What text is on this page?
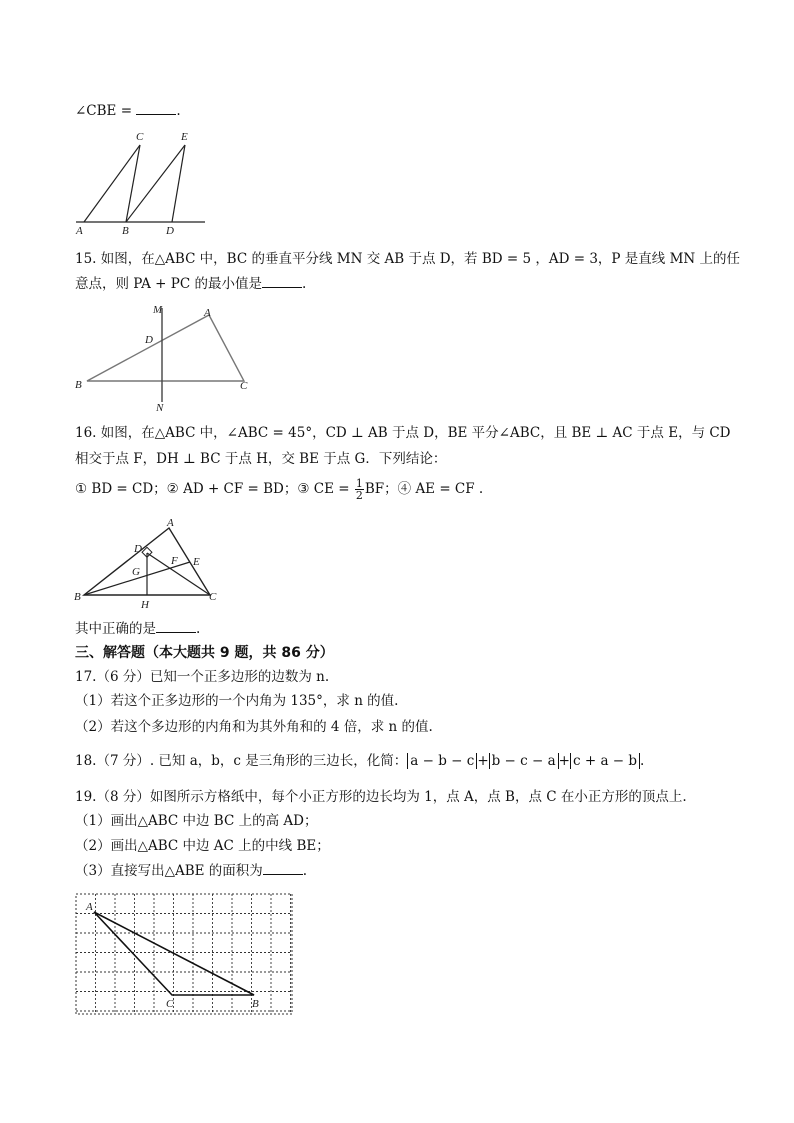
∠CBE =	.
C	E
A	B	D
15. 如图，在△ABC 中，BC 的垂直平分线 MN 交 AB 于点 D，若 BD = 5 ，AD = 3，P 是直线 MN 上的任
意点，则 PA + PC 的最小值是	.
M	A
D
B	C
N
16. 如图，在△ABC 中，∠ABC = 45°，CD ⊥ AB 于点 D，BE 平分∠ABC，且 BE ⊥ AC 于点 E，与 CD
相交于点 F，DH ⊥ BC 于点 H，交 BE 于点 G．下列结论：
① BD = CD；② AD + CF = BD；③ CE = $\frac{1}{2}$ BF；④ AE = CF .
A
D
F E
G
B
H
C
其中正确的是	.
三、解答题（本大题共 9 题，共 86 分）
17.（6 分）已知一个正多边形的边数为 n.
（1）若这个正多边形的一个内角为 135°，求 n 的值.
（2）若这个多边形的内角和为其外角和的 4 倍，求 n 的值.
18.（7 分）. 已知 a，b，c 是三角形的三边长，化简： a − b − c + b − c − a + c + a − b .
19.（8 分）如图所示方格纸中，每个小正方形的边长均为 1，点 A，点 B，点 C 在小正方形的顶点上.
（1）画出△ABC 中边 BC 上的高 AD；
（2）画出△ABC 中边 AC 上的中线 BE；
（3）直接写出△ABE 的面积为	.
A
C	B
